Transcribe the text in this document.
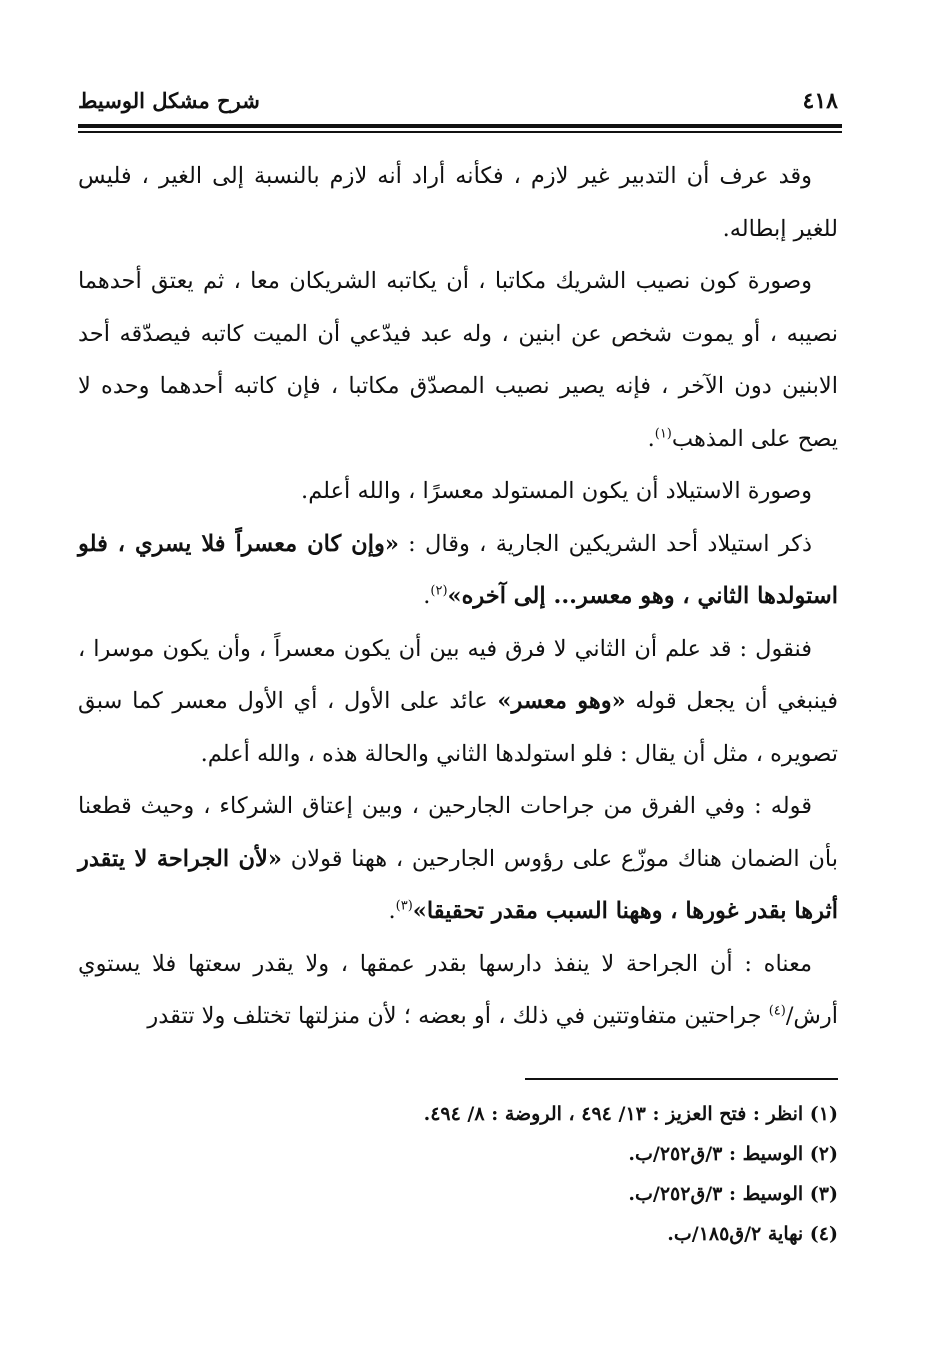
٤١٨
شرح مشكل الوسيط

وقد عرف أن التدبير غير لازم ، فكأنه أراد أنه لازم بالنسبة إلى الغير ، فليس للغير إبطاله.

وصورة كون نصيب الشريك مكاتبا ، أن يكاتبه الشريكان معا ، ثم يعتق أحدهما نصيبه ، أو يموت شخص عن ابنين ، وله عبد فيدّعي أن الميت كاتبه فيصدّقه أحد الابنين دون الآخر ، فإنه يصير نصيب المصدّق مكاتبا ، فإن كاتبه أحدهما وحده لا يصح على المذهب$^{(١)}$.

وصورة الاستيلاد أن يكون المستولد معسرًا ، والله أعلم.

ذكر استيلاد أحد الشريكين الجارية ، وقال : «وإن كان معسراً فلا يسري ، فلو استولدها الثاني ، وهو معسر... إلى آخره»$^{(٢)}$.

فنقول : قد علم أن الثاني لا فرق فيه بين أن يكون معسراً ، وأن يكون موسرا ، فينبغي أن يجعل قوله «وهو معسر» عائد على الأول ، أي الأول معسر كما سبق تصويره ، مثل أن يقال : فلو استولدها الثاني والحالة هذه ، والله أعلم.

قوله : وفي الفرق من جراحات الجارحين ، وبين إعتاق الشركاء ، وحيث قطعنا بأن الضمان هناك موزّع على رؤوس الجارحين ، ههنا قولان «لأن الجراحة لا يتقدر أثرها بقدر غورها ، وههنا السبب مقدر تحقيقا»$^{(٣)}$.

معناه : أن الجراحة لا ينفذ دارسها بقدر عمقها ، ولا يقدر سعتها فلا يستوي أرش/$^{(٤)}$ جراحتين متفاوتتين في ذلك ، أو بعضه ؛ لأن منزلتها تختلف ولا تتقدر

(١) انظر : فتح العزيز : ١٣/ ٤٩٤ ، الروضة : ٨/ ٤٩٤.
(٢) الوسيط : ٣/ق٢٥٢/ب.
(٣) الوسيط : ٣/ق٢٥٢/ب.
(٤) نهاية ٢/ق١٨٥/ب.
